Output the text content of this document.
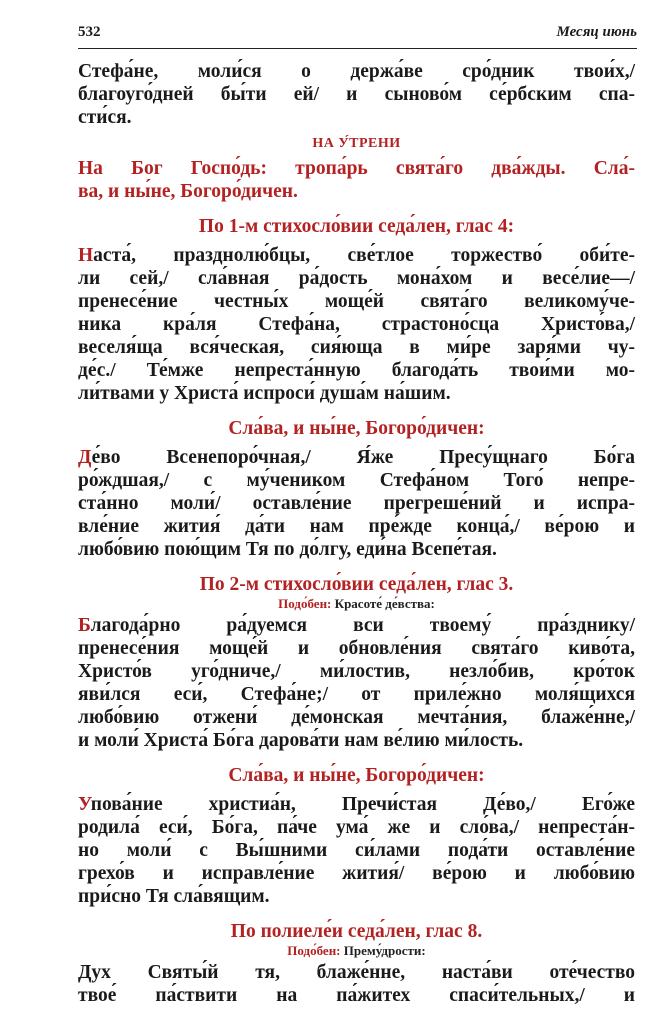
532	Месяц июнь
Стефа́не, моли́ся о держа́ве сро́дник твои́х,/
благоуго́дней бы́ти ей/ и сыново́м се́рбским спа-
сти́ся.
НА У́ТРЕНИ
На Бог Госпо́дь: тропа́рь свята́го два́жды. Сла́-
ва, и ны́не, Богоро́дичен.
По 1-м стихосло́вии седа́лен, глас 4:
Наста́, празднолю́бцы, све́тлое торжество́ оби́те-
ли сей,/ сла́вная ра́дость мона́хом и весе́лие—/
пренесе́ние честны́х моще́й свята́го великому́че-
ника кра́ля Стефа́на, страстоно́сца Христо́ва,/
веселя́ща вся́ческая, сия́юща в ми́ре заря́ми чу-
де́с./ Те́мже непреста́нную благода́ть твои́ми мо-
ли́твами у Христа́ испроси́ душа́м на́шим.
Сла́ва, и ны́не, Богоро́дичен:
Де́во Всенепоро́чная,/ Я́же Пресу́щнаго Бо́га
ро́ждшая,/ с му́чеником Стефа́ном Того́ непре-
ста́нно моли́/ оставле́ние прегреше́ний и испра-
вле́ние жития́ да́ти нам пре́жде конца́,/ ве́рою и
любо́вию пою́щим Тя по до́лгу, еди́на Всепе́тая.
По 2-м стихосло́вии седа́лен, глас 3.
Подо́бен: Красоте́ де́вства:
Благода́рно ра́дуемся вси твоему́ пра́зднику/
пренесе́ния моще́й и обновле́ния свята́го киво́та,
Христо́в уго́дниче,/ ми́лостив, незло́бив, кро́ток
яви́лся еси́, Стефа́не;/ от приле́жно моля́щихся
любо́вию отжени́ де́монская мечта́ния, блаже́нне,/
и моли́ Христа́ Бо́га дарова́ти нам ве́лию ми́лость.
Сла́ва, и ны́не, Богоро́дичен:
Упова́ние христиа́н, Пречи́стая Де́во,/ Его́же
родила́ еси́, Бо́га, па́че ума́ же и сло́ва,/ непреста́н-
но моли́ с Вы́шними си́лами пода́ти оставле́ние
грехо́в и исправле́ние жития́/ ве́рою и любо́вию
при́сно Тя сла́вящим.
По полиеле́и седа́лен, глас 8.
Подо́бен: Прему́дрости:
Дух Святы́й тя, блаже́нне, наста́ви оте́чество
твое́ па́ствити на па́житех спаси́тельных,/ и
